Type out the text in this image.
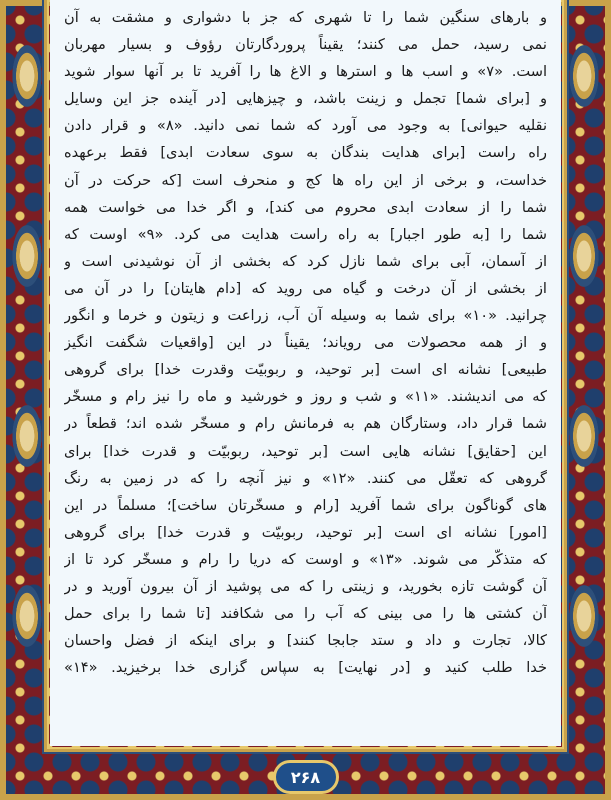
و بارهای سنگین شما را تا شهری که جز با دشواری و مشقت به آن
نمی رسید، حمل می کنند؛ یقیناً پروردگارتان رؤوف و بسیار مهربان
است. «۷» و اسب ها و استرها و الاغ ها را آفرید تا بر آنها سوار شوید
و [برای شما] تجمل و زینت باشد، و چیزهایی [در آینده جز این وسایل
نقلیه حیوانی] به وجود می آورد که شما نمی دانید. «۸» و قرار دادن
راه راست [برای هدایت بندگان به سوی سعادت ابدی] فقط برعهده
خداست، و برخی از این راه ها کج و منحرف است [که حرکت در آن
شما را از سعادت ابدی محروم می کند]، و اگر خدا می خواست همه
شما را [به طور اجبار] به راه راست هدایت می کرد. «۹» اوست که
از آسمان، آبی برای شما نازل کرد که بخشی از آن نوشیدنی است و
از بخشی از آن درخت و گیاه می روید که [دام هایتان] را در آن می
چرانید. «۱۰» برای شما به وسیله آن آب، زراعت و زیتون و خرما و انگور
و از همه محصولات می رویاند؛ یقیناً در این [واقعیات شگفت انگیز
طبیعی] نشانه ای است [بر توحید، و ربوبیّت وقدرت خدا] برای گروهی
که می اندیشند. «۱۱» و شب و روز و خورشید و ماه را نیز رام و مسخّر
شما قرار داد، وستارگان هم به فرمانش رام و مسخّر شده اند؛ قطعاً در
این [حقایق] نشانه هایی است [بر توحید، ربوبیّت و قدرت خدا] برای
گروهی که تعقّل می کنند. «۱۲» و نیز آنچه را که در زمین به رنگ
های گوناگون برای شما آفرید [رام و مسخّرتان ساخت]؛ مسلماً در این
[امور] نشانه ای است [بر توحید، ربوبیّت و قدرت خدا] برای گروهی
که متذکّر می شوند. «۱۳» و اوست که دریا را رام و مسخّر کرد تا از
آن گوشت تازه بخورید، و زینتی را که می پوشید از آن بیرون آورید و در
آن کشتی ها را می بینی که آب را می شکافند [تا شما را برای حمل
کالا، تجارت و داد و ستد جابجا کنند] و برای اینکه از فضل واحسان
خدا طلب کنید و [در نهایت] به سپاس گزاری خدا برخیزید. «۱۴»

۲۶۸
